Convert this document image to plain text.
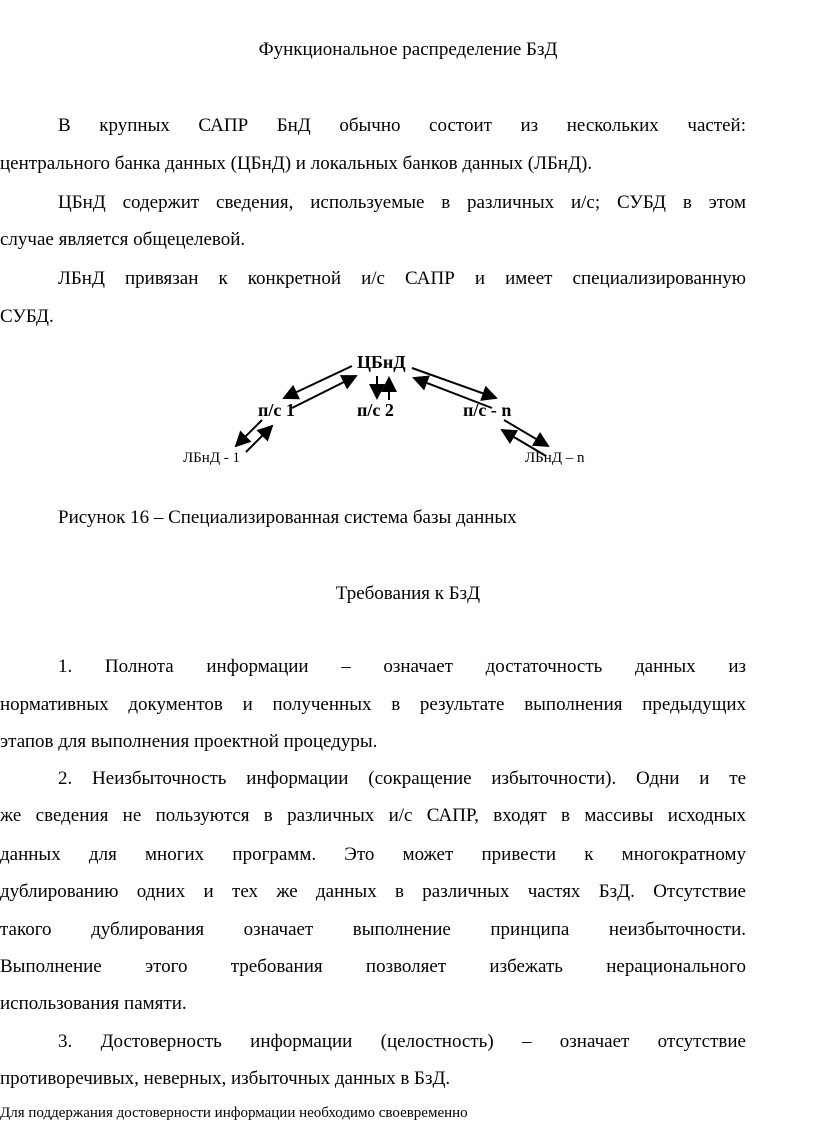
Функциональное распределение БзД
В крупных САПР БнД обычно состоит из нескольких частей:
центрального банка данных (ЦБнД) и локальных банков данных (ЛБнД).
ЦБнД содержит сведения, используемые в различных и/с; СУБД в этом
случае является общецелевой.
ЛБнД привязан к конкретной и/с САПР и имеет специализированную
СУБД.
ЦБнД
п/с 1	п/с 2	п/с - n
ЛБнД - 1	ЛБнД – n
Рисунок 16 – Специализированная система базы данных
Требования к БзД
1. Полнота информации – означает достаточность данных из
нормативных документов и полученных в результате выполнения предыдущих
этапов для выполнения проектной процедуры.
2. Неизбыточность информации (сокращение избыточности). Одни и те
же сведения не пользуются в различных и/с САПР, входят в массивы исходных
данных для многих программ. Это может привести к многократному
дублированию одних и тех же данных в различных частях БзД. Отсутствие
такого дублирования означает выполнение принципа неизбыточности.
Выполнение этого требования позволяет избежать нерационального
использования памяти.
3. Достоверность информации (целостность) – означает отсутствие
противоречивых, неверных, избыточных данных в БзД.
Для поддержания достоверности информации необходимо своевременно
